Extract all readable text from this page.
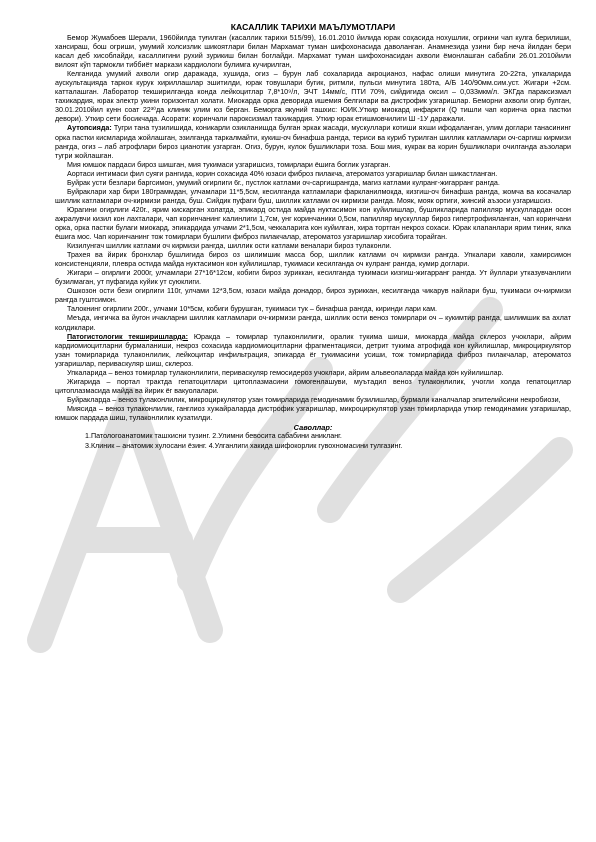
КАСАЛЛИК ТАРИХИ МАЪЛУМОТЛАРИ

Бемор Жумабоев Шерали, 1960йилда туғилган (касаллик тарихи 515/99), 16.01.2010 йилида юрак соҳасида ноxушлик, огрикни чап кулга берилиши, хансираш, бош огриши, умумий холсизлик шикоятлари билан Мархамат туман шифохонасида даволанган. Анамнезида узини бир неча йилдан бери касал деб хисоблайди, касаллигини рухий зурикиш билан боглайди. Мархамат туман шифохонасидан ахволи ёмонлашган сабабли 26.01.2010йили вилоят кўп тармокли тиббиёт маркази кардиологи булимга кучирилган,

Келганида умумий ахволи огир даражада, хушида, огиз – бурун лаб сохаларида акроцианоз, нафас олиши минутига 20-22та, упкаларида аускультацияда таркок курук хириллашлар эшитилди, юрак товушлари бугик, ритмли, пульси минутига 180та, А/Б 140/90мм.сим.уст. Жигари +2см. катталашган. Лаборатор текширилганда конда лейкоцитлар 7,8*10⁹/л, ЭЧТ 14мм/с, ПТИ 70%, сийдигида оксил – 0,033мкм/л. ЭКГда параксизмал тахикардия, юрак электр укини горизонтал холати. Миокарда орка деворида ишемия белгилари ва дистрофик узгаришлар. Беморни ахволи огир булган, 30.01.2010йил кунн соат 22³⁰да клиник улим юз берган. Беморга якуний ташхис: ЮИК.Уткир миокард инфаркти (Q тишли чап коринча орка пастки девори). Уткир сети босикчада. Асорати: коринчали пароксизмал тахикардия. Уткир юрак етишмовчилиги Ш -1У даражали.

Аутопсияда: Тугри тана тузилишида, коникарли озикланишда булган эркак жасади, мускуллари котиши яхши ифодаланган, улим доглари танасининг орка пастки кисмларида жойлашган, эзилганда таркалмайти, кукиш-оч бинафша рангда, териси ва куриб турилган шиллик катламлари оч-саргиш кирмизи рангда, огиз – лаб атрофлари бироз цианотик узгарган. Огиз, бурун, кулок бушликлари тоза. Бош мия, кукрак ва корин бушликлари очилганда аъзолари тугри жойлашган.

Мия юмшок пардаси бироз шишган, мия тукимаси узгаришсиз, томирлари ёшига боглик узгарган.

Аортаси интимаси фил суяги рангида, корин сохасида 40% юзаси фиброз пилакча, атероматоз узгаришлар билан шикастланган.

Буйрак усти безлари баргсимон, умумий огирлиги 6г., пустлок катлами оч-саргишрангда, магиз катлами кулранг-жигарранг рангда.

Буйраклари хар бири 180граммдан, улчамлари 11*5,5см, кесилганда катламлари фаркланилмокда, кизгиш-оч бинафша рангда, жомча ва косачалар шиллик катламлари оч-кирмизи рангда, буш. Сийдик пуфаги буш, шиллик катлами оч кирмизи рангда. Мояк, мояк ортиги, жинсий аъзоси узгаришсиз.

Юрагини огирлиги 420г., ярим кискарган холатда, эпикард остида майда нуктасимон кон куйилишлар, бушликларида папилляр мускуллардан осон ажралувчи кизил кон лахталари, чап коринчанинг калинлиги 1,7см, унг коринчаники 0,5см, папилляр мускуллар бироз гипертрофияланган, чап коринчани орка, орка пастки булаги миокард, эпикардида улчами 2*1,5см, чеккаларига кон куйилган, хира тортган некроз сохаси. Юрак клапанлари ярим тиник, ялка ёшига мос. Чап коринчанинг тож томирлари бушлиги фиброз пилакчалар, атероматоз узгаришлар хисобига торайган.

Кизилунгач шиллик катлами оч кирмизи рангда, шиллик ости катлами веналари бироз тулаконли.

Трахея ва йирик бронхлар бушлигида бироз оз шилимшик масса бор, шиллик катлами оч кирмизи рангда. Упкалари хаволи, хамирсимон консистенцияли, плевра остида майда нуктасимон кон куйилишлар, тукимаси кесилганда оч кулранг рангда, кумир доглари.

Жигари – огирлиги 2000г, улчамлари 27*16*12см, кобиги бироз зуриккан, кесилганда тукимаси кизгиш-жигарранг рангда. Ут йуллари утказувчанлиги бузилмаган, ут пуфагида куйик ут суюклиги.

Ошкозон ости бези огирлиги 110г, улчами 12*3,5см, юзаси майда донадор, бироз зуриккан, кесилганда чикарув найлари буш, тукимаси оч-кирмизи рангда гуштсимон.

Талокнинг огирлиги 200г., улчами 10*5см, кобиги бурушган, тукимаси тук – бинафша рангда, киринди лари кам.

Меъда, ингичка ва йугон ичакларни шиллик катламлари оч-кирмизи рангда, шиллик ости венoз томирлари оч – кукимтир рангда, шилимшик ва ахлат колдиклари.

Патогистологик текширишларда: Юракда – томирлар тулаконлилиги, оралик тукима шиши, миокарда майда склероз учоклари, айрим кардиомиоцитларни бурмаланиши, некроз сохасида кардиомиоцитларни фрагментацияси, детрит тукима атрофида кон куйилишлар, микроциркулятор узан томирларида тулаконлилик, лейкоцитар инфильтрация, эпикарда ёг тукимасини усиши, тож томирларида фиброз пилакчалар, атероматоз узгаришлар, периваскуляр шиш, склероз.

Упкаларида – веноз томирлар тулаконлилиги, периваскуляр гемосидероз учоклари, айрим альвеолаларда майда кон куйилишлар.

Жигарида – портал трактда гепатоцитлари цитоплазмасини гомогенлашуви, муътадил веноз тулаконлилик, учогли холда гепатоцитлар цитоплазмасида майда ва йирик ёг вакуолалари.

Буйракларда – веноз тулаконлилик, микроциркулятор узан томирларида гемодинамик бузилишлар, бурмали каналчалар эпителийсини некробиози,

Миясида – веноз тулаконлилик, ганглиоз хужайраларда дистрофик узгаришлар, микроциркулятор узан томирларида уткир гемодинамик узгаришлар, юмшок пардада шиш, тулаконлилик кузатилди.

Саволлар:
1.Патологоанатомик ташхисни тузинг. 2.Улимни бевосита сабабини аникланг.
3.Клиник – анатомик хулосани ёзинг. 4.Улганлиги хакида шифокорлик гувохномасини тулгазинг.
